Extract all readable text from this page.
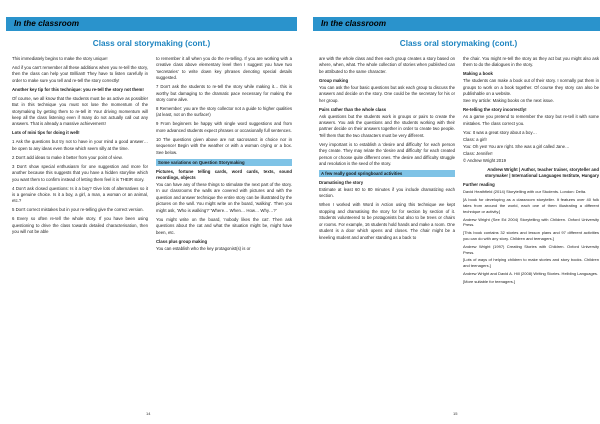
In the classroom
Class oral storymaking (cont.)

This immediately begins to make the story unique!

And if you can't remember all these additions when you re-tell the story, then the class can help you! Brilliant! They have to listen carefully in order to make sure you tell and re-tell the story correctly!

Another key tip for this technique: you re-tell the story not them!

Of course, we all know that the students must be as active as possible! But in this technique you must not lose the momentum of the storymaking by getting them to re-tell it! Your driving momentum will keep all the class listening even if many do not actually call out any answers. That is already a massive achievement!

Lots of mini tips for doing it well!

1 Ask the questions but try not to have in your mind a good answer… be open to any ideas even those which seem silly at the time.

2 Don't add ideas to make it better from your point of view.

3 Don't show special enthusiasm for one suggestion and more for another because this suggests that you have a hidden storyline which you want them to confirm instead of letting them feel it is THEIR story.

4 Don't ask closed questions: Is it a boy? Give lots of alternatives so it is a genuine choice. Is it a boy, a girl, a man, a woman or an animal, etc.?

5 Don't correct mistakes but in your re-telling give the correct version.

6 Every so often re-tell the whole story. If you have been using questioning to drive the class towards detailed characterisation, then you will not be able

to remember it all when you do the re-telling. If you are working with a creative class above elementary level then I suggest you have two 'secretaries' to write down key phrases denoting special details suggested.

7 Don't ask the students to re-tell the story while making it… this is worthy but damaging to the dramatic pace necessary for making the story come alive.

8 Remember: you are the story collector not a guide to higher qualities (at least, not on the surface!)

9 From beginners be happy with single word suggestions and from more advanced students expect phrases or occasionally full sentences.

10 The questions given above are not sacrosanct in choice nor in sequence! Begin with the weather or with a woman crying or a box. See below.

Some variations on Question Storymaking

Pictures, fortune telling cards, word cards, texts, sound recordings, objects

You can have any of these things to stimulate the next part of the story. In our classrooms the walls are covered with pictures and with the question and answer technique the entire story can be illustrated by the pictures on the wall. You might write on the board, 'walking'. Then you might ask, 'Who is walking?' 'Where… When… How… Why…?'

You might write on the board, 'nobody likes the cat'. Then ask questions about the cat and what the situation might be, might have been, etc.

Class plus group making

You can establish who the key protagonist(s) is or

14
In the classroom
Class oral storymaking (cont.)

are with the whole class and then each group creates a story based on where, when, what. The whole collection of stories when published can be attributed to the same character.

Group making

You can ask the four basic questions but ask each group to discuss the answers and decide on the story. One could be the secretary for his or her group.

Pairs rather than the whole class

Ask questions but the students work in groups or pairs to create the answers. You ask the questions and the students working with their partner decide on their answers together in order to create two people. Tell them that the two characters must be very different.

Very important is to establish a 'desire and difficulty' for each person they create. They may relate the 'desire and difficulty' for each created person or choose quite different ones. The desire and difficulty struggle and resolution is the seed of the story.

A few really good springboard activities

Dramatising the story

Estimate at least 60 to 80 minutes if you include dramatizing each section.

When I worked with Word in Action using this technique we kept stopping and dramatising the story for for section by section of it. Students volunteered to be protagonists but also to be trees or chairs or rooms. For example, 16 students hold hands and make a room. One student is a door which opens and closes. The chair might be a kneeling student and another standing as a back to

the chair. You might re-tell the story as they act but you might also ask them to do the dialogues in the story.

Making a book

The students can make a book out of their story. I normally put them in groups to work on a book together. Of course they story can also be publishable on a website.

See my article: Making books on the next issue.

Re-telling the story incorrectly!

As a game you pretend to remember the story but re-tell it with some mistakes. The class correct you.

You: It was a great story about a boy…

Class: a girl!

You: Oh yes! You are right. She was a girl called Jane…

Class: Jennifer!

© Andrew Wright 2019

Andrew Wright | Author, teacher trainer, storyteller and storymaker | International Languages Institute, Hungary

Further reading

David Heathfield (2014) Storytelling with our Students. London: Delta.

[A book for developing as a classroom storyteller. It features over 40 folk tales from around the world, each one of them illustrating a different technique or activity.]

Andrew Wright (See Ed 2004) Storytelling with Children. Oxford University Press.

[This book contains 32 stories and lesson plans and 97 different activities you can do with any story. Children and teenagers.]

Andrew Wright (1997) Creating Stories with Children. Oxford University Press.

[Lots of ways of helping children to make stories and story books. Children and teenagers.]

Andrew Wright and David A. Hill (2008) Writing Stories. Helbling Languages.

[More suitable for teenagers.]

15
